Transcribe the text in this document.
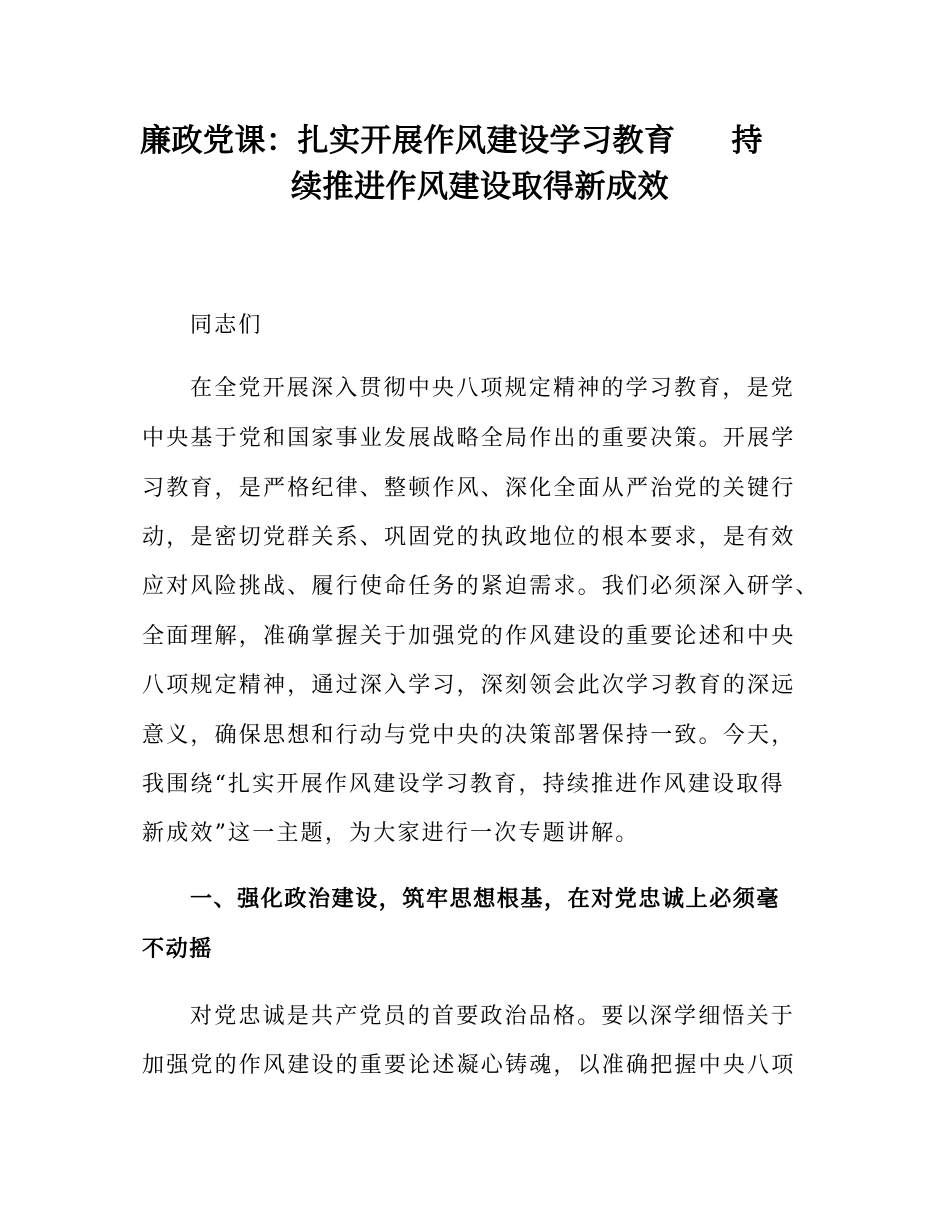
廉政党课：扎实开展作风建设学习教育 持
续推进作风建设取得新成效
同志们
在全党开展深入贯彻中央八项规定精神的学习教育，是党
中央基于党和国家事业发展战略全局作出的重要决策。开展学
习教育，是严格纪律、整顿作风、深化全面从严治党的关键行
动，是密切党群关系、巩固党的执政地位的根本要求，是有效
应对风险挑战、履行使命任务的紧迫需求。我们必须深入研学、
全面理解，准确掌握关于加强党的作风建设的重要论述和中央
八项规定精神，通过深入学习，深刻领会此次学习教育的深远
意义，确保思想和行动与党中央的决策部署保持一致。今天，
我围绕“扎实开展作风建设学习教育，持续推进作风建设取得
新成效”这一主题，为大家进行一次专题讲解。
一、强化政治建设，筑牢思想根基，在对党忠诚上必须毫
不动摇
对党忠诚是共产党员的首要政治品格。要以深学细悟关于
加强党的作风建设的重要论述凝心铸魂，以准确把握中央八项
